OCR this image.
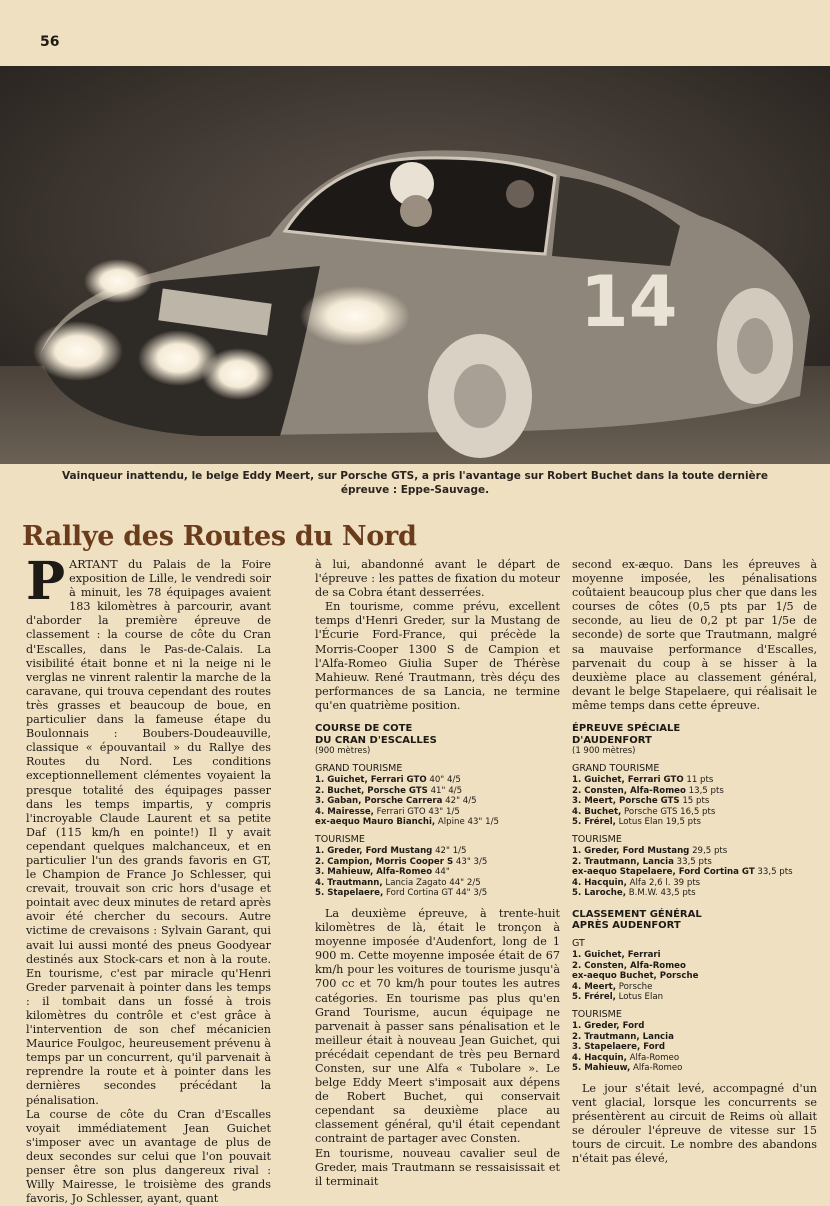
56
14
Vainqueur inattendu, le belge Eddy Meert, sur Porsche GTS, a pris l'avantage sur Robert Buchet dans la toute dernière épreuve : Eppe-Sauvage.
Rallye des Routes du Nord

PARTANT du Palais de la Foire exposition de Lille, le vendredi soir à minuit, les 78 équipages avaient 183 kilomètres à parcourir, avant d'aborder la première épreuve de classement : la course de côte du Cran d'Escalles, dans le Pas-de-Calais. La visibilité était bonne et ni la neige ni le verglas ne vinrent ralentir la marche de la caravane, qui trouva cependant des routes très grasses et beaucoup de boue, en particulier dans la fameuse étape du Boulonnais : Boubers-Doudeauville, classique « épouvantail » du Rallye des Routes du Nord. Les conditions exceptionnellement clémentes voyaient la presque totalité des équipages passer dans les temps impartis, y compris l'incroyable Claude Laurent et sa petite Daf (115 km/h en pointe!) Il y avait cependant quelques malchanceux, et en particulier l'un des grands favoris en GT, le Champion de France Jo Schlesser, qui crevait, trouvait son cric hors d'usage et pointait avec deux minutes de retard après avoir été chercher du secours. Autre victime de crevaisons : Sylvain Garant, qui avait lui aussi monté des pneus Goodyear destinés aux Stock-cars et non à la route. En tourisme, c'est par miracle qu'Henri Greder parvenait à pointer dans les temps : il tombait dans un fossé à trois kilomètres du contrôle et c'est grâce à l'intervention de son chef mécanicien Maurice Foulgoc, heureusement prévenu à temps par un concurrent, qu'il parvenait à reprendre la route et à pointer dans les dernières secondes précédant la pénalisation.

La course de côte du Cran d'Escalles voyait immédiatement Jean Guichet s'imposer avec un avantage de plus de deux secondes sur celui que l'on pouvait penser être son plus dangereux rival : Willy Mairesse, le troisième des grands favoris, Jo Schlesser, ayant, quant

à lui, abandonné avant le départ de l'épreuve : les pattes de fixation du moteur de sa Cobra étant desserrées.

En tourisme, comme prévu, excellent temps d'Henri Greder, sur la Mustang de l'Écurie Ford-France, qui précède la Morris-Cooper 1300 S de Campion et l'Alfa-Romeo Giulia Super de Thérèse Mahieuw. René Trautmann, très déçu des performances de sa Lancia, ne termine qu'en quatrième position.

COURSE DE COTE
DU CRAN D'ESCALLES
(900 mètres)
GRAND TOURISME
1. Guichet, Ferrari GTO 40" 4/5
2. Buchet, Porsche GTS 41" 4/5
3. Gaban, Porsche Carrera 42" 4/5
4. Mairesse, Ferrari GTO 43" 1/5
ex-aequo Mauro Bianchi, Alpine 43" 1/5
TOURISME
1. Greder, Ford Mustang 42" 1/5
2. Campion, Morris Cooper S 43" 3/5
3. Mahieuw, Alfa-Romeo 44"
4. Trautmann, Lancia Zagato 44" 2/5
5. Stapelaere, Ford Cortina GT 44" 3/5

La deuxième épreuve, à trente-huit kilomètres de là, était le tronçon à moyenne imposée d'Audenfort, long de 1 900 m. Cette moyenne imposée était de 67 km/h pour les voitures de tourisme jusqu'à 700 cc et 70 km/h pour toutes les autres catégories. En tourisme pas plus qu'en Grand Tourisme, aucun équipage ne parvenait à passer sans pénalisation et le meilleur était à nouveau Jean Guichet, qui précédait cependant de très peu Bernard Consten, sur une Alfa « Tubolare ». Le belge Eddy Meert s'imposait aux dépens de Robert Buchet, qui conservait cependant sa deuxième place au classement général, qu'il était cependant contraint de partager avec Consten.

En tourisme, nouveau cavalier seul de Greder, mais Trautmann se ressaisissait et il terminait

second ex-æquo. Dans les épreuves à moyenne imposée, les pénalisations coûtaient beaucoup plus cher que dans les courses de côtes (0,5 pts par 1/5 de seconde, au lieu de 0,2 pt par 1/5e de seconde) de sorte que Trautmann, malgré sa mauvaise performance d'Escalles, parvenait du coup à se hisser à la deuxième place au classement général, devant le belge Stapelaere, qui réalisait le même temps dans cette épreuve.

ÉPREUVE SPÉCIALE
D'AUDENFORT
(1 900 mètres)
GRAND TOURISME
1. Guichet, Ferrari GTO 11 pts
2. Consten, Alfa-Romeo 13,5 pts
3. Meert, Porsche GTS 15 pts
4. Buchet, Porsche GTS 16,5 pts
5. Frérel, Lotus Elan 19,5 pts
TOURISME
1. Greder, Ford Mustang 29,5 pts
2. Trautmann, Lancia 33,5 pts
ex-aequo Stapelaere, Ford Cortina GT 33,5 pts
4. Hacquin, Alfa 2,6 l. 39 pts
5. Laroche, B.M.W. 43,5 pts
CLASSEMENT GÉNÉRAL
APRÈS AUDENFORT
GT
1. Guichet, Ferrari
2. Consten, Alfa-Romeo
ex-aequo Buchet, Porsche
4. Meert, Porsche
5. Frérel, Lotus Elan
TOURISME
1. Greder, Ford
2. Trautmann, Lancia
3. Stapelaere, Ford
4. Hacquin, Alfa-Romeo
5. Mahieuw, Alfa-Romeo

Le jour s'était levé, accompagné d'un vent glacial, lorsque les concurrents se présentèrent au circuit de Reims où allait se dérouler l'épreuve de vitesse sur 15 tours de circuit. Le nombre des abandons n'était pas élevé,
